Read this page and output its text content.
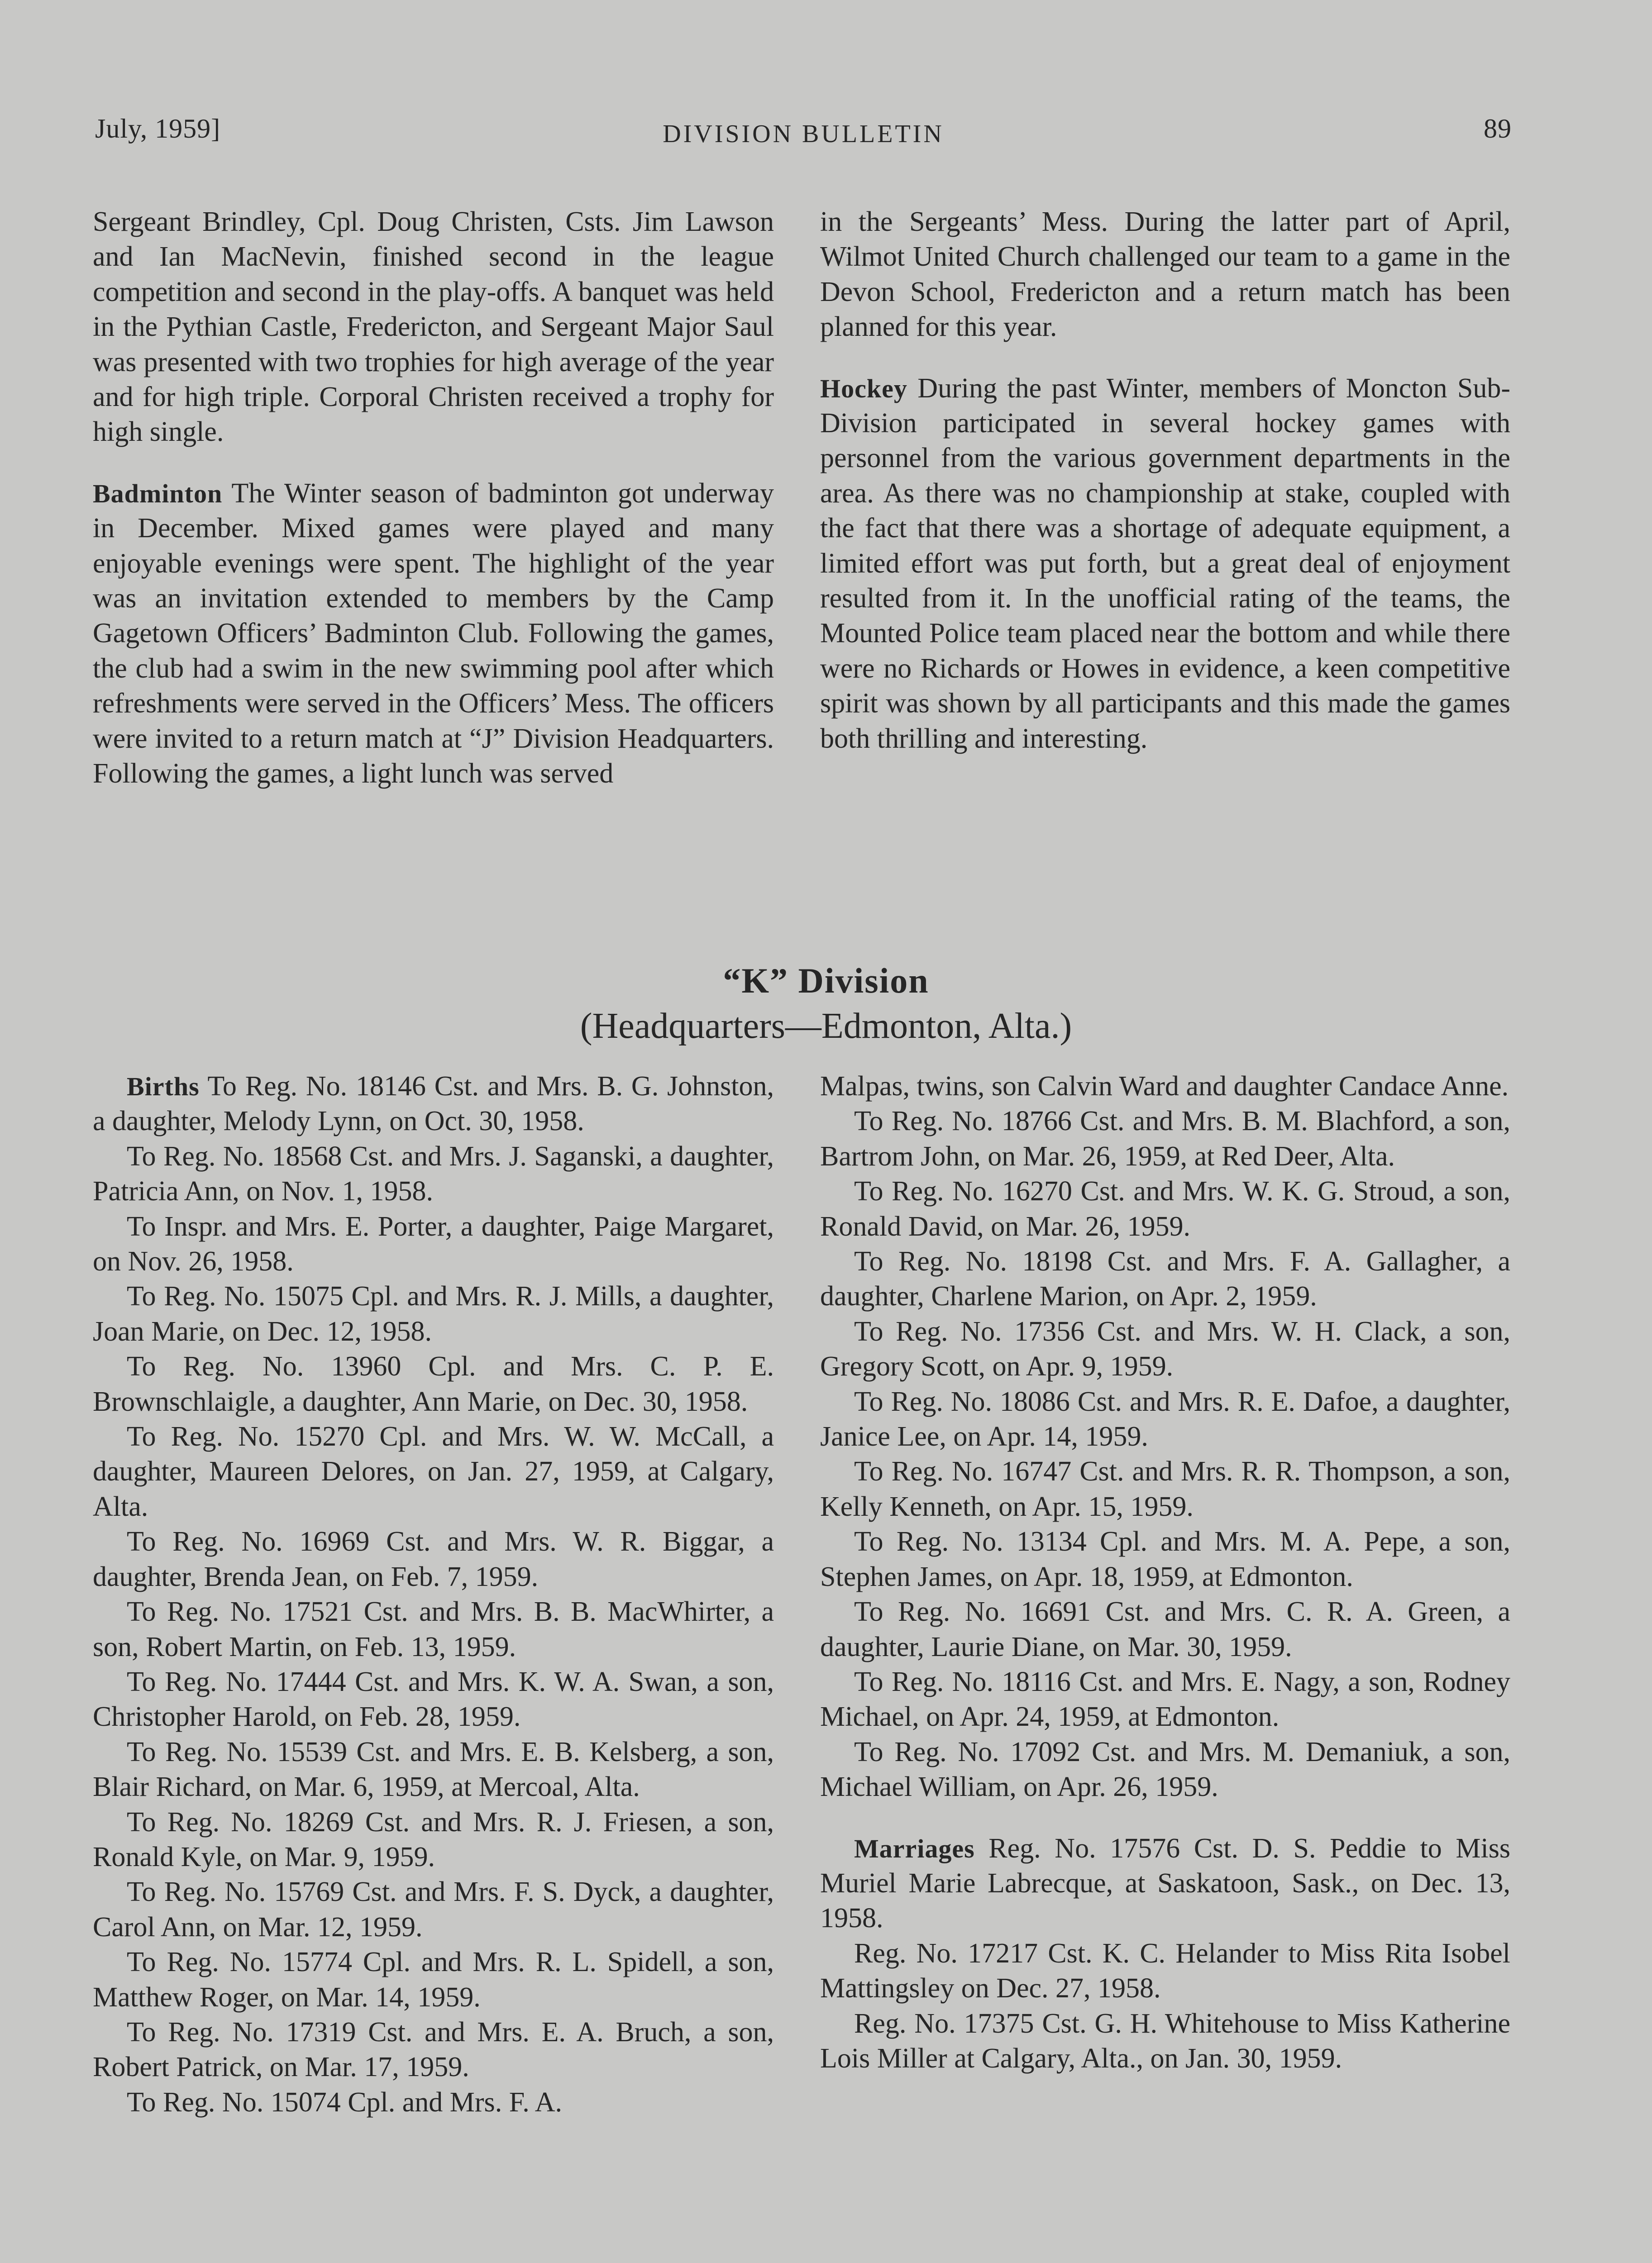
July, 1959]	DIVISION BULLETIN	89

Sergeant Brindley, Cpl. Doug Christen, Csts. Jim Lawson and Ian MacNevin, finished second in the league competition and second in the play-offs. A banquet was held in the Pythian Castle, Fredericton, and Sergeant Major Saul was presented with two trophies for high average of the year and for high triple. Corporal Christen received a trophy for high single.

Badminton The Winter season of badminton got underway in December. Mixed games were played and many enjoyable evenings were spent. The highlight of the year was an invitation extended to members by the Camp Gagetown Officers’ Badminton Club. Following the games, the club had a swim in the new swimming pool after which refreshments were served in the Officers’ Mess. The officers were invited to a return match at “J” Division Headquarters. Following the games, a light lunch was served

in the Sergeants’ Mess. During the latter part of April, Wilmot United Church challenged our team to a game in the Devon School, Fredericton and a return match has been planned for this year.

Hockey During the past Winter, members of Moncton Sub-Division participated in several hockey games with personnel from the various government departments in the area. As there was no championship at stake, coupled with the fact that there was a shortage of adequate equipment, a limited effort was put forth, but a great deal of enjoyment resulted from it. In the unofficial rating of the teams, the Mounted Police team placed near the bottom and while there were no Richards or Howes in evidence, a keen competitive spirit was shown by all participants and this made the games both thrilling and interesting.

“K” Division
(Headquarters—Edmonton, Alta.)

Births To Reg. No. 18146 Cst. and Mrs. B. G. Johnston, a daughter, Melody Lynn, on Oct. 30, 1958.

To Reg. No. 18568 Cst. and Mrs. J. Saganski, a daughter, Patricia Ann, on Nov. 1, 1958.

To Inspr. and Mrs. E. Porter, a daughter, Paige Margaret, on Nov. 26, 1958.

To Reg. No. 15075 Cpl. and Mrs. R. J. Mills, a daughter, Joan Marie, on Dec. 12, 1958.

To Reg. No. 13960 Cpl. and Mrs. C. P. E. Brownschlaigle, a daughter, Ann Marie, on Dec. 30, 1958.

To Reg. No. 15270 Cpl. and Mrs. W. W. McCall, a daughter, Maureen Delores, on Jan. 27, 1959, at Calgary, Alta.

To Reg. No. 16969 Cst. and Mrs. W. R. Biggar, a daughter, Brenda Jean, on Feb. 7, 1959.

To Reg. No. 17521 Cst. and Mrs. B. B. MacWhirter, a son, Robert Martin, on Feb. 13, 1959.

To Reg. No. 17444 Cst. and Mrs. K. W. A. Swan, a son, Christopher Harold, on Feb. 28, 1959.

To Reg. No. 15539 Cst. and Mrs. E. B. Kelsberg, a son, Blair Richard, on Mar. 6, 1959, at Mercoal, Alta.

To Reg. No. 18269 Cst. and Mrs. R. J. Friesen, a son, Ronald Kyle, on Mar. 9, 1959.

To Reg. No. 15769 Cst. and Mrs. F. S. Dyck, a daughter, Carol Ann, on Mar. 12, 1959.

To Reg. No. 15774 Cpl. and Mrs. R. L. Spidell, a son, Matthew Roger, on Mar. 14, 1959.

To Reg. No. 17319 Cst. and Mrs. E. A. Bruch, a son, Robert Patrick, on Mar. 17, 1959.

To Reg. No. 15074 Cpl. and Mrs. F. A.

Malpas, twins, son Calvin Ward and daughter Candace Anne.

To Reg. No. 18766 Cst. and Mrs. B. M. Blachford, a son, Bartrom John, on Mar. 26, 1959, at Red Deer, Alta.

To Reg. No. 16270 Cst. and Mrs. W. K. G. Stroud, a son, Ronald David, on Mar. 26, 1959.

To Reg. No. 18198 Cst. and Mrs. F. A. Gallagher, a daughter, Charlene Marion, on Apr. 2, 1959.

To Reg. No. 17356 Cst. and Mrs. W. H. Clack, a son, Gregory Scott, on Apr. 9, 1959.

To Reg. No. 18086 Cst. and Mrs. R. E. Dafoe, a daughter, Janice Lee, on Apr. 14, 1959.

To Reg. No. 16747 Cst. and Mrs. R. R. Thompson, a son, Kelly Kenneth, on Apr. 15, 1959.

To Reg. No. 13134 Cpl. and Mrs. M. A. Pepe, a son, Stephen James, on Apr. 18, 1959, at Edmonton.

To Reg. No. 16691 Cst. and Mrs. C. R. A. Green, a daughter, Laurie Diane, on Mar. 30, 1959.

To Reg. No. 18116 Cst. and Mrs. E. Nagy, a son, Rodney Michael, on Apr. 24, 1959, at Edmonton.

To Reg. No. 17092 Cst. and Mrs. M. Demaniuk, a son, Michael William, on Apr. 26, 1959.

Marriages Reg. No. 17576 Cst. D. S. Peddie to Miss Muriel Marie Labrecque, at Saskatoon, Sask., on Dec. 13, 1958.

Reg. No. 17217 Cst. K. C. Helander to Miss Rita Isobel Mattingsley on Dec. 27, 1958.

Reg. No. 17375 Cst. G. H. Whitehouse to Miss Katherine Lois Miller at Calgary, Alta., on Jan. 30, 1959.
